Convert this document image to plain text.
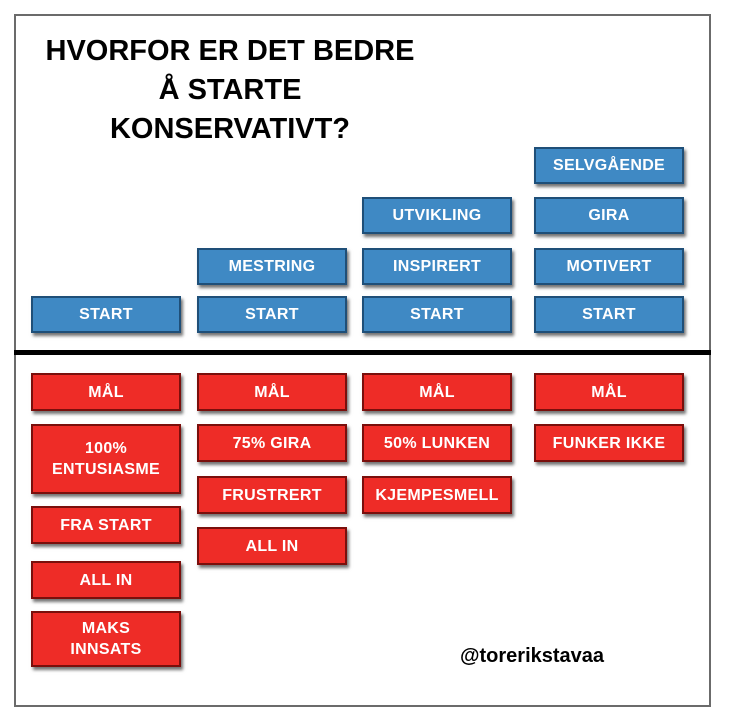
HVORFOR ER DET BEDRE
Å STARTE
KONSERVATIVT?
START
MÅL
100%
ENTUSIASME
FRA START
ALL IN
MAKS
INNSATS
MESTRING
START
MÅL
75% GIRA
FRUSTRERT
ALL IN
UTVIKLING
INSPIRERT
START
MÅL
50% LUNKEN
KJEMPESMELL
SELVGÅENDE
GIRA
MOTIVERT
START
MÅL
FUNKER IKKE
@torerikstavaa
